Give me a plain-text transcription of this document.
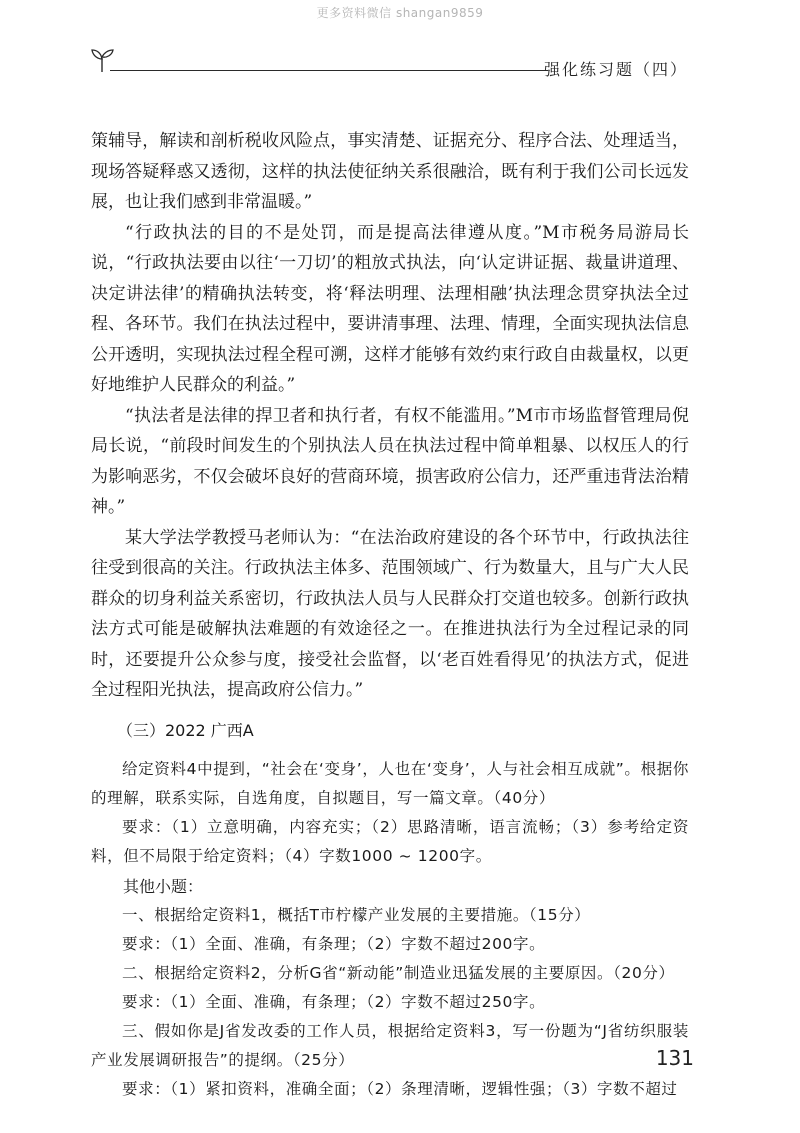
更多资料微信 shangan9859
强化练习题（四）

策辅导，解读和剖析税收风险点，事实清楚、证据充分、程序合法、处理适当，现场答疑释惑又透彻，这样的执法使征纳关系很融洽，既有利于我们公司长远发展，也让我们感到非常温暖。”

“行政执法的目的不是处罚，而是提高法律遵从度。”M市税务局游局长说，“行政执法要由以往‘一刀切’的粗放式执法，向‘认定讲证据、裁量讲道理、决定讲法律’的精确执法转变，将‘释法明理、法理相融’执法理念贯穿执法全过程、各环节。我们在执法过程中，要讲清事理、法理、情理，全面实现执法信息公开透明，实现执法过程全程可溯，这样才能够有效约束行政自由裁量权，以更好地维护人民群众的利益。”

“执法者是法律的捍卫者和执行者，有权不能滥用。”M市市场监督管理局倪局长说，“前段时间发生的个别执法人员在执法过程中简单粗暴、以权压人的行为影响恶劣，不仅会破坏良好的营商环境，损害政府公信力，还严重违背法治精神。”

某大学法学教授马老师认为：“在法治政府建设的各个环节中，行政执法往往受到很高的关注。行政执法主体多、范围领域广、行为数量大，且与广大人民群众的切身利益关系密切，行政执法人员与人民群众打交道也较多。创新行政执法方式可能是破解执法难题的有效途径之一。在推进执法行为全过程记录的同时，还要提升公众参与度，接受社会监督，以‘老百姓看得见’的执法方式，促进全过程阳光执法，提高政府公信力。”

（三）2022 广西A

给定资料4中提到，“社会在‘变身’，人也在‘变身’，人与社会相互成就”。根据你的理解，联系实际，自选角度，自拟题目，写一篇文章。（40分）

要求：（1）立意明确，内容充实；（2）思路清晰，语言流畅；（3）参考给定资料，但不局限于给定资料；（4）字数1000 ~ 1200字。

其他小题：

一、根据给定资料1，概括T市柠檬产业发展的主要措施。（15分）

要求：（1）全面、准确，有条理；（2）字数不超过200字。

二、根据给定资料2，分析G省“新动能”制造业迅猛发展的主要原因。（20分）

要求：（1）全面、准确，有条理；（2）字数不超过250字。

三、假如你是J省发改委的工作人员，根据给定资料3，写一份题为“J省纺织服装产业发展调研报告”的提纲。（25分）

要求：（1）紧扣资料，准确全面；（2）条理清晰，逻辑性强；（3）字数不超过

131
